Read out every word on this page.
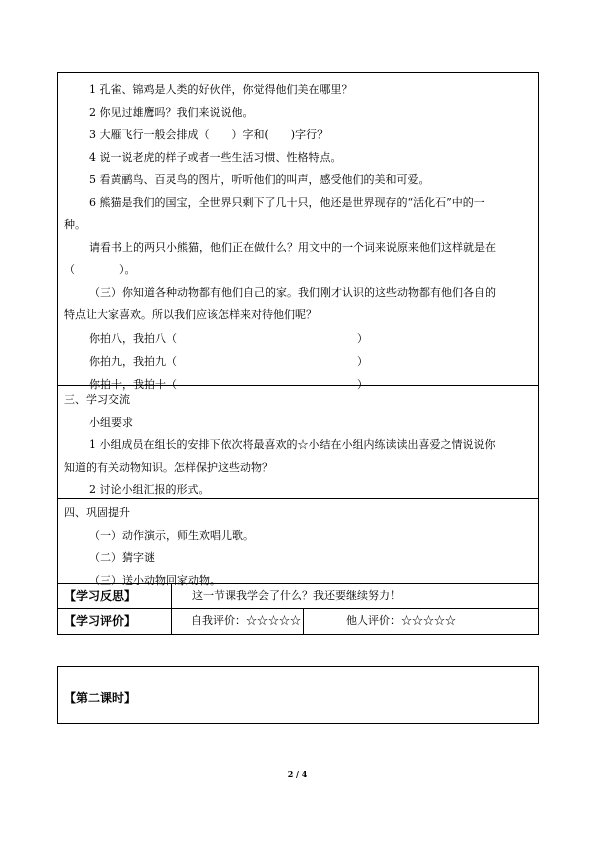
1 孔雀、锦鸡是人类的好伙伴，你觉得他们美在哪里？
2 你见过雄鹰吗？我们来说说他。
3 大雁飞行一般会排成（　　）字和(　　)字行？
4 说一说老虎的样子或者一些生活习惯、性格特点。
5 看黄鹂鸟、百灵鸟的图片，听听他们的叫声，感受他们的美和可爱。
6 熊猫是我们的国宝，全世界只剩下了几十只，他还是世界现存的“活化石”中的一
种。
请看书上的两只小熊猫，他们正在做什么？用文中的一个词来说原来他们这样就是在
（　　　　）。
（三）你知道各种动物都有他们自己的家。我们刚才认识的这些动物都有他们各自的
特点让大家喜欢。所以我们应该怎样来对待他们呢？
你拍八，我拍八（	）
你拍九，我拍九（	）
你拍十，我拍十（	）
三、学习交流
小组要求
1 小组成员在组长的安排下依次将最喜欢的☆小结在小组内练读读出喜爱之情说说你
知道的有关动物知识。怎样保护这些动物？
2 讨论小组汇报的形式。
四、巩固提升
（一）动作演示，师生欢唱儿歌。
（二）猜字谜
（三）送小动物回家动物。
【学习反思】	这一节课我学会了什么？我还要继续努力！
【学习评价】	自我评价：☆☆☆☆☆	他人评价：☆☆☆☆☆
【第二课时】
2 / 4
